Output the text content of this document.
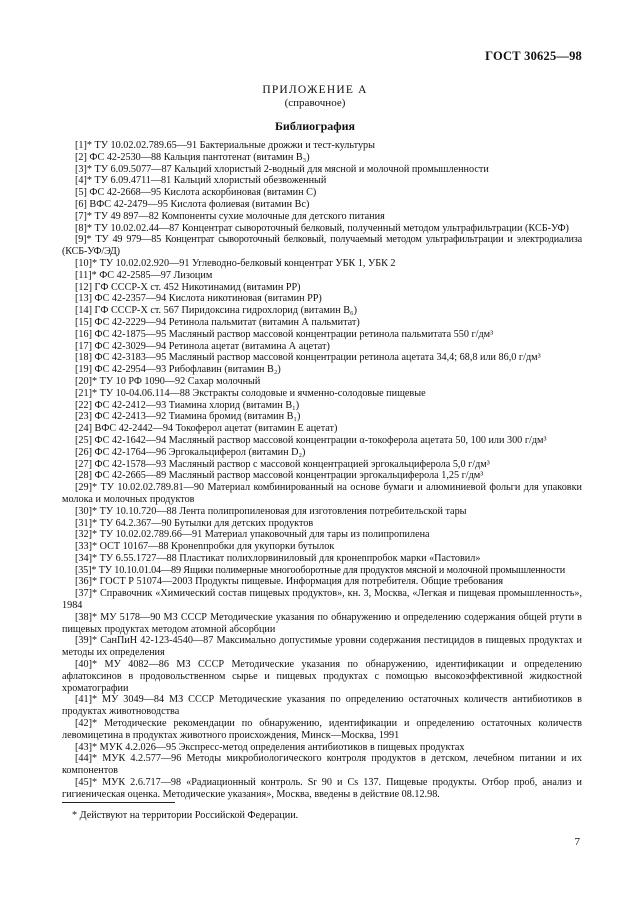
ГОСТ 30625—98
ПРИЛОЖЕНИЕ А
(справочное)
Библиография

[1]* ТУ 10.02.02.789.65—91 Бактериальные дрожжи и тест-культуры

[2] ФС 42-2530—88 Кальция пантотенат (витамин B₃)

[3]* ТУ 6.09.5077—87 Кальций хлористый 2-водный для мясной и молочной промышленности

[4]* ТУ 6.09.4711—81 Кальций хлористый обезвоженный

[5] ФС 42-2668—95 Кислота аскорбиновая (витамин С)

[6] ВФС 42-2479—95 Кислота фолиевая (витамин Bс)

[7]* ТУ 49 897—82 Компоненты сухие молочные для детского питания

[8]* ТУ 10.02.02.44—87 Концентрат сывороточный белковый, полученный методом ультрафильтрации (КСБ-УФ)

[9]* ТУ 49 979—85 Концентрат сывороточный белковый, получаемый методом ультрафильтрации и электродиализа (КСБ-УФ/ЭД)

[10]* ТУ 10.02.02.920—91 Углеводно-белковый концентрат УБК 1, УБК 2

[11]* ФС 42-2585—97 Лизоцим

[12] ГФ СССР-Х ст. 452 Никотинамид (витамин РР)

[13] ФС 42-2357—94 Кислота никотиновая (витамин РР)

[14] ГФ СССР-Х ст. 567 Пиридоксина гидрохлорид (витамин B₆)

[15] ФС 42-2229—94 Ретинола пальмитат (витамин А пальмитат)

[16] ФС 42-1875—95 Масляный раствор массовой концентрации ретинола пальмитата 550 г/дм³

[17] ФС 42-3029—94 Ретинола ацетат (витамина А ацетат)

[18] ФС 42-3183—95 Масляный раствор массовой концентрации ретинола ацетата 34,4; 68,8 или 86,0 г/дм³

[19] ФС 42-2954—93 Рибофлавин (витамин B₂)

[20]* ТУ 10 РФ 1090—92 Сахар молочный

[21]* ТУ 10-04.06.114—88 Экстракты солодовые и ячменно-солодовые пищевые

[22] ФС 42-2412—93 Тиамина хлорид (витамин B₁)

[23] ФС 42-2413—92 Тиамина бромид (витамин B₁)

[24] ВФС 42-2442—94 Токоферол ацетат (витамин Е ацетат)

[25] ФС 42-1642—94 Масляный раствор массовой концентрации α-токоферола ацетата 50, 100 или 300 г/дм³

[26] ФС 42-1764—96 Эргокальциферол (витамин D₂)

[27] ФС 42-1578—93 Масляный раствор с массовой концентрацией эргокальциферола 5,0 г/дм³

[28] ФС 42-2665—89 Масляный раствор массовой концентрации эргокальциферола 1,25 г/дм³

[29]* ТУ 10.02.02.789.81—90 Материал комбинированный на основе бумаги и алюминиевой фольги для упаковки молока и молочных продуктов

[30]* ТУ 10.10.720—88 Лента полипропиленовая для изготовления потребительской тары

[31]* ТУ 64.2.367—90 Бутылки для детских продуктов

[32]* ТУ 10.02.02.789.66—91 Материал упаковочный для тары из полипропилена

[33]* ОСТ 10167—88 Кронenпробки для укупорки бутылок

[34]* ТУ 6.55.1727—88 Пластикат полихлорвиниловый для кронenпробок марки «Пастовил»

[35]* ТУ 10.10.01.04—89 Ящики полимерные многооборотные для продуктов мясной и молочной промышленности

[36]* ГОСТ Р 51074—2003 Продукты пищевые. Информация для потребителя. Общие требования

[37]* Справочник «Химический состав пищевых продуктов», кн. 3, Москва, «Легкая и пищевая промышленность», 1984

[38]* МУ 5178—90 МЗ СССР Методические указания по обнаружению и определению содержания общей ртути в пищевых продуктах методом атомной абсорбции

[39]* СанПиН 42-123-4540—87 Максимально допустимые уровни содержания пестицидов в пищевых продуктах и методы их определения

[40]* МУ 4082—86 МЗ СССР Методические указания по обнаружению, идентификации и определению афлатоксинов в продовольственном сырье и пищевых продуктах с помощью высокоэффективной жидкостной хроматографии

[41]* МУ 3049—84 МЗ СССР Методические указания по определению остаточных количеств антибиотиков в продуктах животноводства

[42]* Методические рекомендации по обнаружению, идентификации и определению остаточных количеств левомицетина в продуктах животного происхождения, Минск—Москва, 1991

[43]* МУК 4.2.026—95 Экспресс-метод определения антибиотиков в пищевых продуктах

[44]* МУК 4.2.577—96 Методы микробиологического контроля продуктов в детском, лечебном питании и их компонентов

[45]* МУК 2.6.717—98 «Радиационный контроль. Sr 90 и Cs 137. Пищевые продукты. Отбор проб, анализ и гигиеническая оценка. Методические указания», Москва, введены в действие 08.12.98.

* Действуют на территории Российской Федерации.
7
